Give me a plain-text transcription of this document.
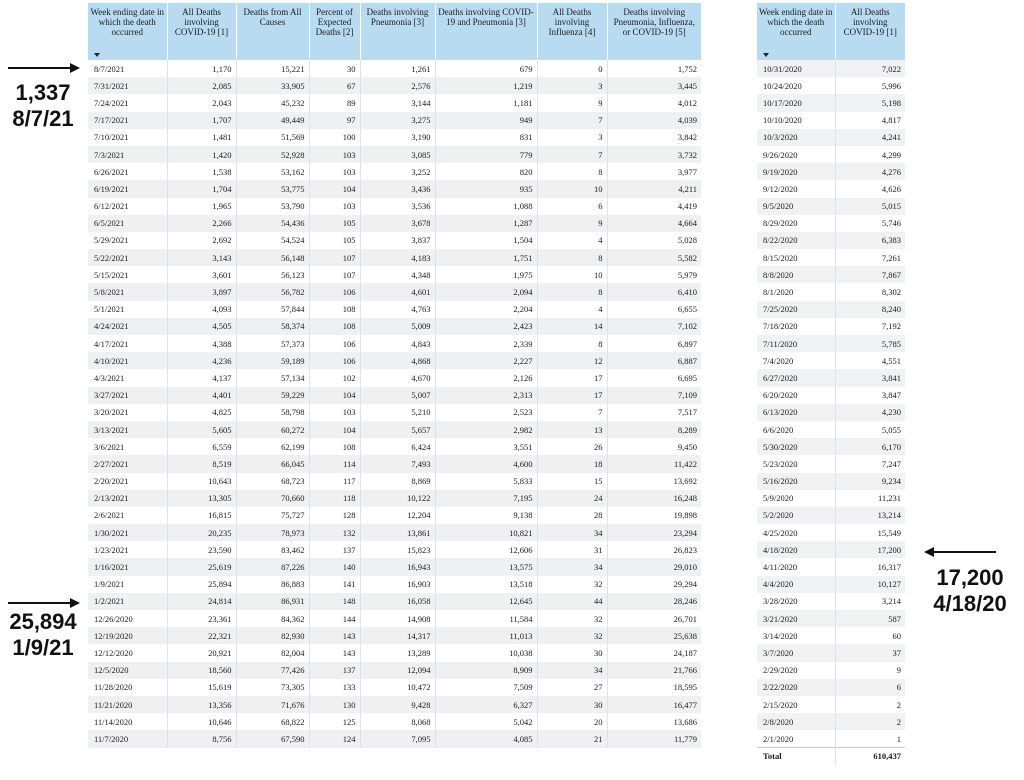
Week ending date in which the death occurred	All Deaths involving COVID-19 [1]	Deaths from All Causes	Percent of Expected Deaths [2]	Deaths involving Pneumonia [3]	Deaths involving COVID-19 and Pneumonia [3]	All Deaths involving Influenza [4]	Deaths involving Pneumonia, Influenza, or COVID-19 [5]
8/7/2021	1,170	15,221	30	1,261	679	0	1,752
7/31/2021	2,085	33,905	67	2,576	1,219	3	3,445
7/24/2021	2,043	45,232	89	3,144	1,181	9	4,012
7/17/2021	1,707	49,449	97	3,275	949	7	4,039
7/10/2021	1,481	51,569	100	3,190	831	3	3,842
7/3/2021	1,420	52,928	103	3,085	779	7	3,732
6/26/2021	1,538	53,162	103	3,252	820	8	3,977
6/19/2021	1,704	53,775	104	3,436	935	10	4,211
6/12/2021	1,965	53,790	103	3,536	1,088	6	4,419
6/5/2021	2,266	54,436	105	3,678	1,287	9	4,664
5/29/2021	2,692	54,524	105	3,837	1,504	4	5,028
5/22/2021	3,143	56,148	107	4,183	1,751	8	5,582
5/15/2021	3,601	56,123	107	4,348	1,975	10	5,979
5/8/2021	3,897	56,782	106	4,601	2,094	8	6,410
5/1/2021	4,093	57,844	108	4,763	2,204	4	6,655
4/24/2021	4,505	58,374	108	5,009	2,423	14	7,102
4/17/2021	4,388	57,373	106	4,843	2,339	8	6,897
4/10/2021	4,236	59,189	106	4,868	2,227	12	6,887
4/3/2021	4,137	57,134	102	4,670	2,126	17	6,695
3/27/2021	4,401	59,229	104	5,007	2,313	17	7,109
3/20/2021	4,825	58,798	103	5,210	2,523	7	7,517
3/13/2021	5,605	60,272	104	5,657	2,982	13	8,289
3/6/2021	6,559	62,199	108	6,424	3,551	26	9,450
2/27/2021	8,519	66,045	114	7,493	4,600	18	11,422
2/20/2021	10,643	68,723	117	8,869	5,833	15	13,692
2/13/2021	13,305	70,660	118	10,122	7,195	24	16,248
2/6/2021	16,815	75,727	128	12,204	9,138	28	19,898
1/30/2021	20,235	78,973	132	13,861	10,821	34	23,294
1/23/2021	23,590	83,462	137	15,823	12,606	31	26,823
1/16/2021	25,619	87,226	140	16,943	13,575	34	29,010
1/9/2021	25,894	86,883	141	16,903	13,518	32	29,294
1/2/2021	24,814	86,931	148	16,058	12,645	44	28,246
12/26/2020	23,361	84,362	144	14,908	11,584	32	26,701
12/19/2020	22,321	82,930	143	14,317	11,013	32	25,638
12/12/2020	20,921	82,004	143	13,289	10,038	30	24,187
12/5/2020	18,560	77,426	137	12,094	8,909	34	21,766
11/28/2020	15,619	73,305	133	10,472	7,509	27	18,595
11/21/2020	13,356	71,676	130	9,428	6,327	30	16,477
11/14/2020	10,646	68,822	125	8,068	5,042	20	13,686
11/7/2020	8,756	67,590	124	7,095	4,085	21	11,779
Week ending date in which the death occurred	All Deaths involving COVID-19 [1]
10/31/2020	7,022
10/24/2020	5,996
10/17/2020	5,198
10/10/2020	4,817
10/3/2020	4,241
9/26/2020	4,299
9/19/2020	4,276
9/12/2020	4,626
9/5/2020	5,015
8/29/2020	5,746
8/22/2020	6,383
8/15/2020	7,261
8/8/2020	7,867
8/1/2020	8,302
7/25/2020	8,240
7/18/2020	7,192
7/11/2020	5,785
7/4/2020	4,551
6/27/2020	3,841
6/20/2020	3,847
6/13/2020	4,230
6/6/2020	5,055
5/30/2020	6,170
5/23/2020	7,247
5/16/2020	9,234
5/9/2020	11,231
5/2/2020	13,214
4/25/2020	15,549
4/18/2020	17,200
4/11/2020	16,317
4/4/2020	10,127
3/28/2020	3,214
3/21/2020	587
3/14/2020	60
3/7/2020	37
2/29/2020	9
2/22/2020	6
2/15/2020	2
2/8/2020	2
2/1/2020	1
Total	610,437
1,337
8/7/21
25,894
1/9/21
17,200
4/18/20
